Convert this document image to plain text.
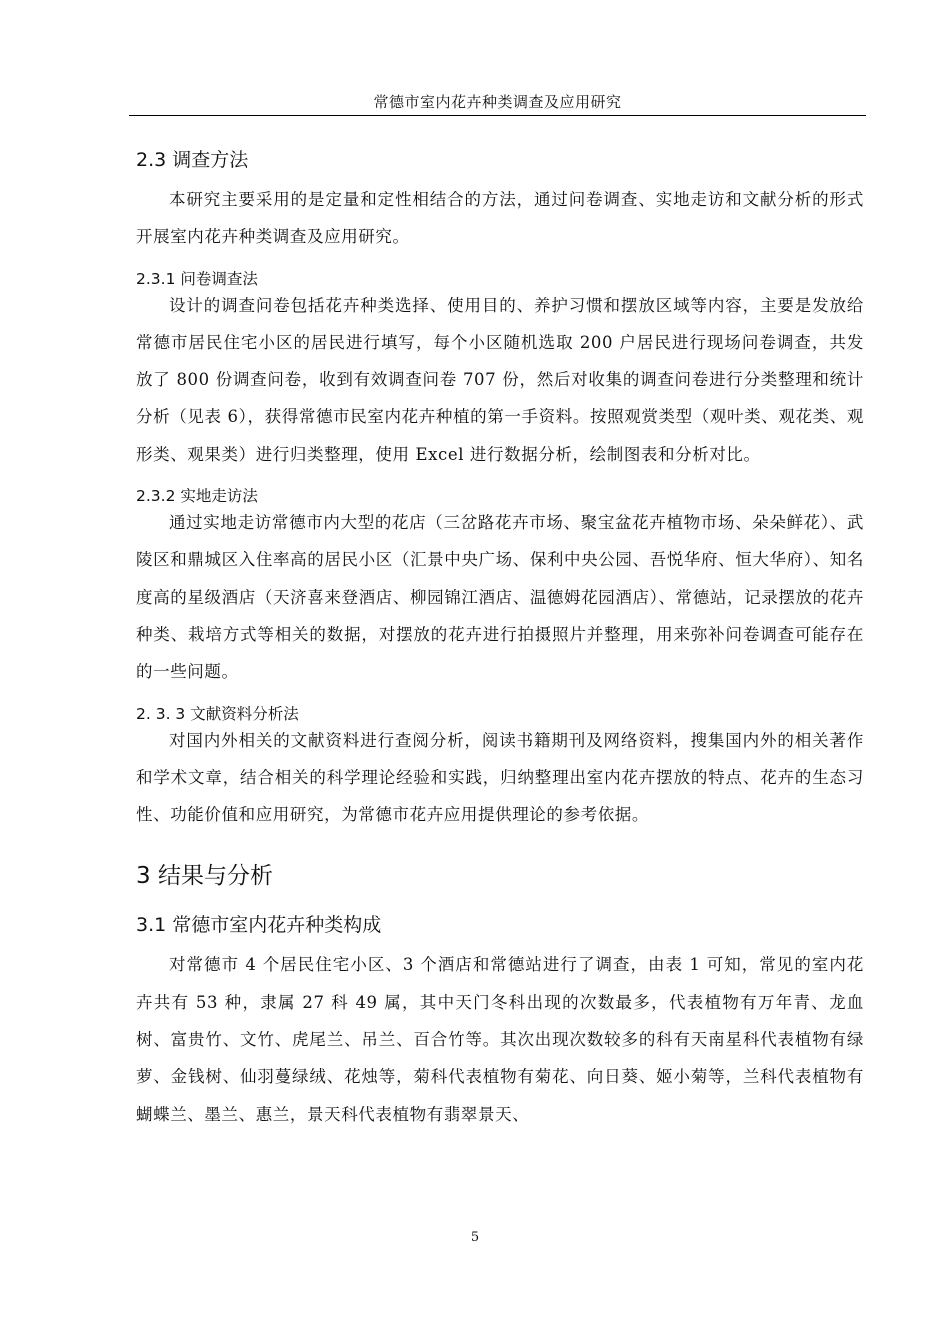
常德市室内花卉种类调查及应用研究
2.3 调查方法

本研究主要采用的是定量和定性相结合的方法，通过问卷调查、实地走访和文献分析的形式开展室内花卉种类调查及应用研究。

2.3.1 问卷调查法

设计的调查问卷包括花卉种类选择、使用目的、养护习惯和摆放区域等内容，主要是发放给常德市居民住宅小区的居民进行填写，每个小区随机选取 200 户居民进行现场问卷调查，共发放了 800 份调查问卷，收到有效调查问卷 707 份，然后对收集的调查问卷进行分类整理和统计分析（见表 6），获得常德市民室内花卉种植的第一手资料。按照观赏类型（观叶类、观花类、观形类、观果类）进行归类整理，使用 Excel 进行数据分析，绘制图表和分析对比。

2.3.2 实地走访法

通过实地走访常德市内大型的花店（三岔路花卉市场、聚宝盆花卉植物市场、朵朵鲜花）、武陵区和鼎城区入住率高的居民小区（汇景中央广场、保利中央公园、吾悦华府、恒大华府）、知名度高的星级酒店（天济喜来登酒店、柳园锦江酒店、温德姆花园酒店）、常德站，记录摆放的花卉种类、栽培方式等相关的数据，对摆放的花卉进行拍摄照片并整理，用来弥补问卷调查可能存在的一些问题。

2. 3. 3 文献资料分析法

对国内外相关的文献资料进行查阅分析，阅读书籍期刊及网络资料，搜集国内外的相关著作和学术文章，结合相关的科学理论经验和实践，归纳整理出室内花卉摆放的特点、花卉的生态习性、功能价值和应用研究，为常德市花卉应用提供理论的参考依据。

3 结果与分析
3.1 常德市室内花卉种类构成

对常德市 4 个居民住宅小区、3 个酒店和常德站进行了调查，由表 1 可知，常见的室内花卉共有 53 种，隶属 27 科 49 属，其中天门冬科出现的次数最多，代表植物有万年青、龙血树、富贵竹、文竹、虎尾兰、吊兰、百合竹等。其次出现次数较多的科有天南星科代表植物有绿萝、金钱树、仙羽蔓绿绒、花烛等，菊科代表植物有菊花、向日葵、姬小菊等，兰科代表植物有蝴蝶兰、墨兰、惠兰，景天科代表植物有翡翠景天、

5
